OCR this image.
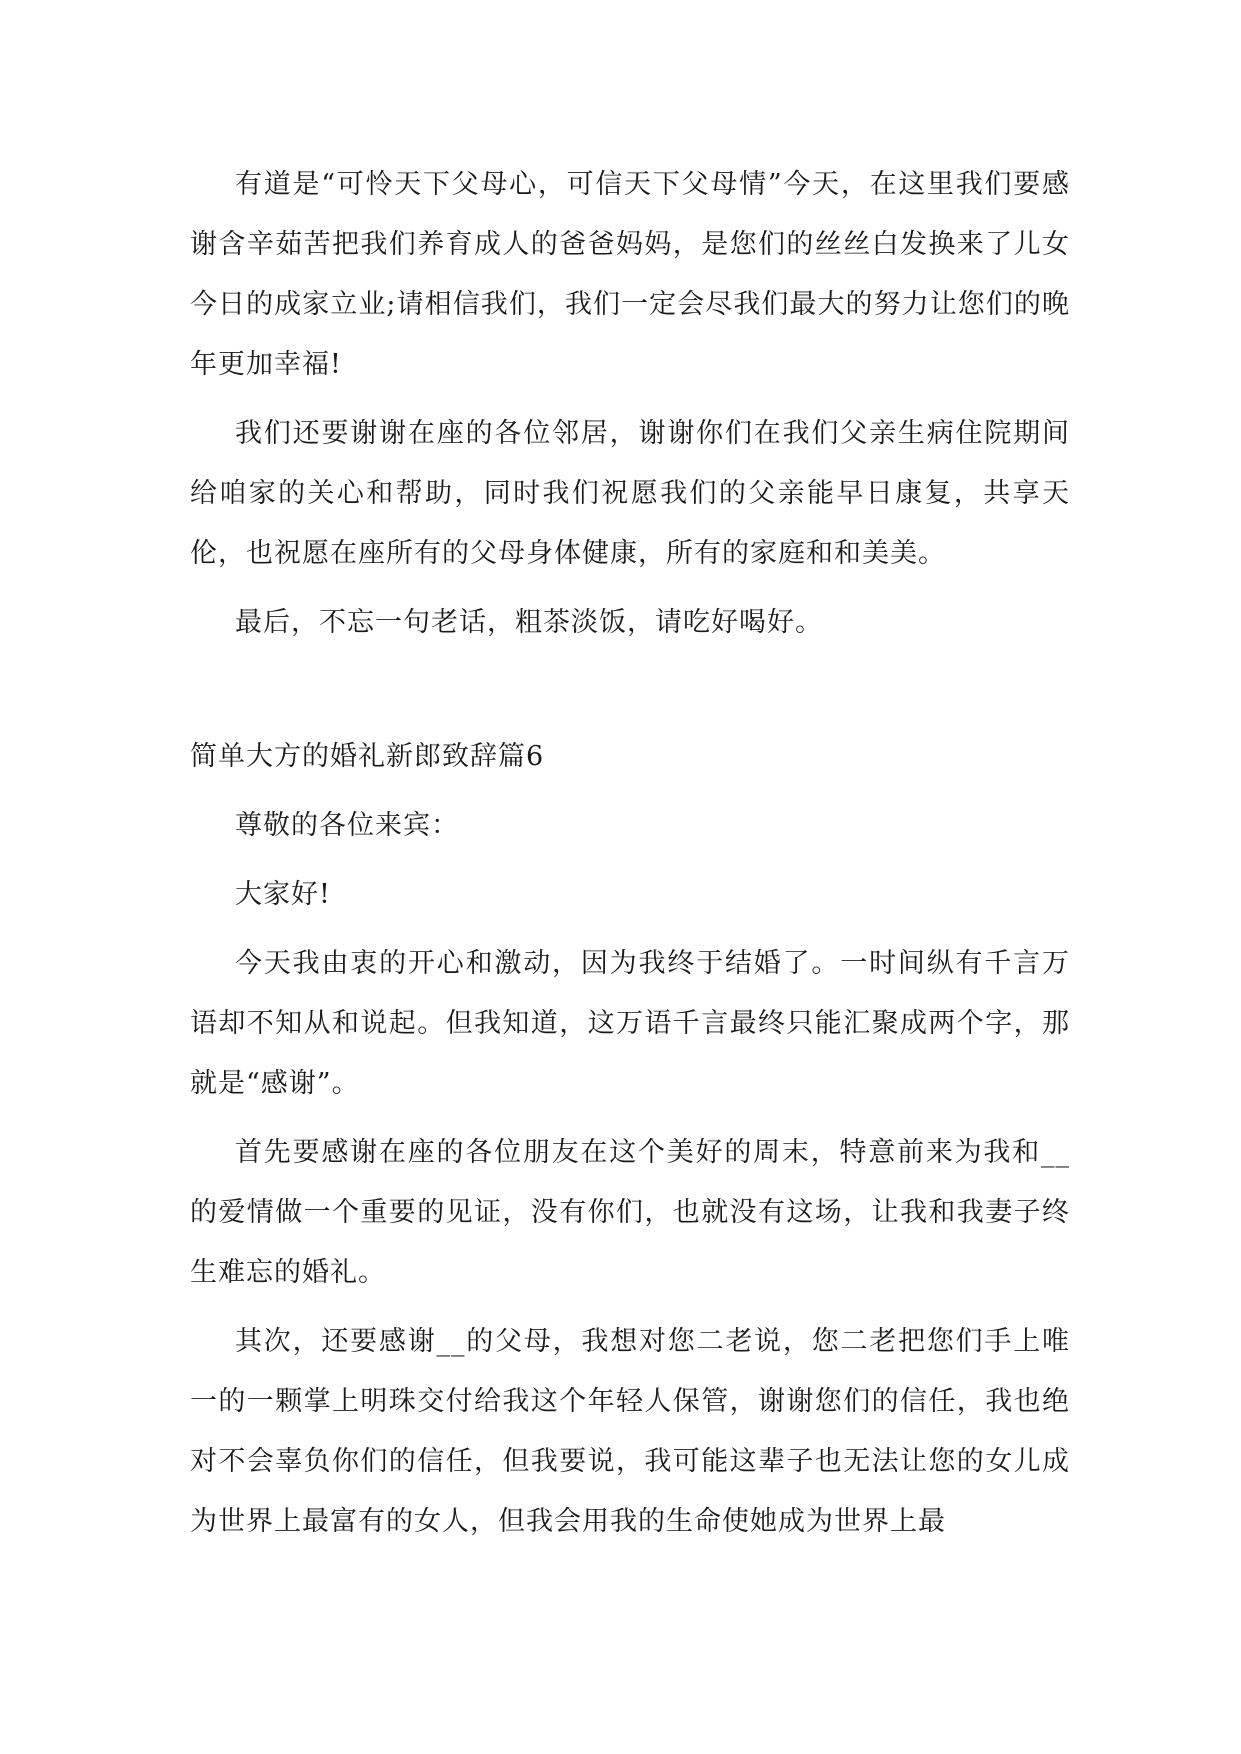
有道是“可怜天下父母心，可信天下父母情”今天，在这里我们要感谢含辛茹苦把我们养育成人的爸爸妈妈，是您们的丝丝白发换来了儿女今日的成家立业;请相信我们，我们一定会尽我们最大的努力让您们的晚年更加幸福!

我们还要谢谢在座的各位邻居，谢谢你们在我们父亲生病住院期间给咱家的关心和帮助，同时我们祝愿我们的父亲能早日康复，共享天伦，也祝愿在座所有的父母身体健康，所有的家庭和和美美。

最后，不忘一句老话，粗茶淡饭，请吃好喝好。

简单大方的婚礼新郎致辞篇6

尊敬的各位来宾：

大家好!

今天我由衷的开心和激动，因为我终于结婚了。一时间纵有千言万语却不知从和说起。但我知道，这万语千言最终只能汇聚成两个字，那就是“感谢”。

首先要感谢在座的各位朋友在这个美好的周末，特意前来为我和__的爱情做一个重要的见证，没有你们，也就没有这场，让我和我妻子终生难忘的婚礼。

其次，还要感谢__的父母，我想对您二老说，您二老把您们手上唯一的一颗掌上明珠交付给我这个年轻人保管，谢谢您们的信任，我也绝对不会辜负你们的信任，但我要说，我可能这辈子也无法让您的女儿成为世界上最富有的女人，但我会用我的生命使她成为世界上最
